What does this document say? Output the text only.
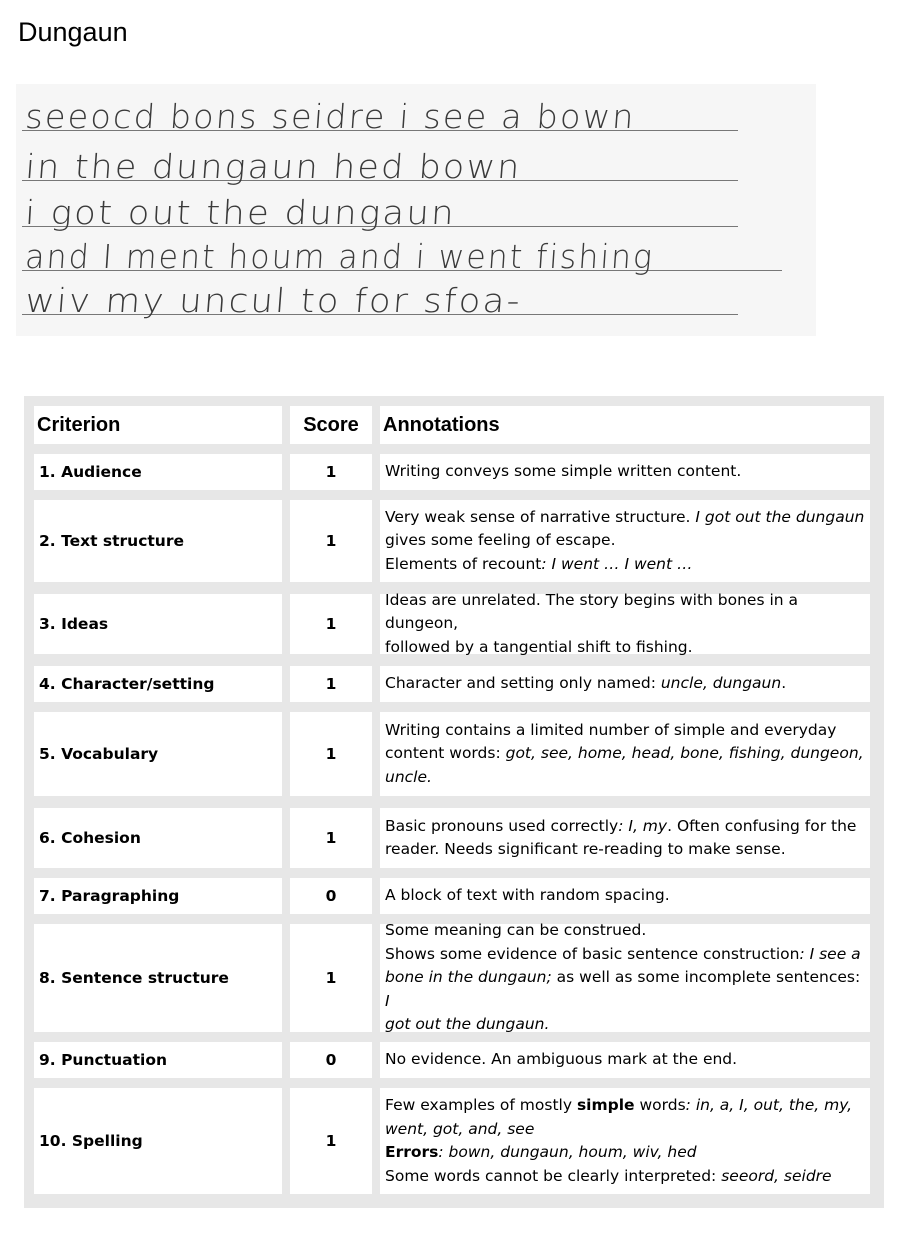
Dungaun
seeocd bons seidre i see a bown
in the dungaun hed bown
i got out the dungaun
and I ment houm and i went fishing
wiv my uncul to for sfoa-
Criterion	Score	Annotations
1. Audience	1	Writing conveys some simple written content.
2. Text structure	1
Very weak sense of narrative structure. I got out the dungaun
gives some feeling of escape.
Elements of recount: I went … I went …
3. Ideas	1
Ideas are unrelated. The story begins with bones in a dungeon,
followed by a tangential shift to fishing.
4. Character/setting	1	Character and setting only named: uncle, dungaun.
5. Vocabulary	1
Writing contains a limited number of simple and everyday
content words: got, see, home, head, bone, fishing, dungeon,
uncle.
6. Cohesion	1
Basic pronouns used correctly: I, my. Often confusing for the
reader. Needs significant re-reading to make sense.
7. Paragraphing	0	A block of text with random spacing.
8. Sentence structure	1
Some meaning can be construed.
Shows some evidence of basic sentence construction: I see a
bone in the dungaun; as well as some incomplete sentences: I
got out the dungaun.
9. Punctuation	0	No evidence. An ambiguous mark at the end.
10. Spelling	1
Few examples of mostly simple words: in, a, I, out, the, my,
went, got, and, see
Errors: bown, dungaun, houm, wiv, hed
Some words cannot be clearly interpreted: seeord, seidre
